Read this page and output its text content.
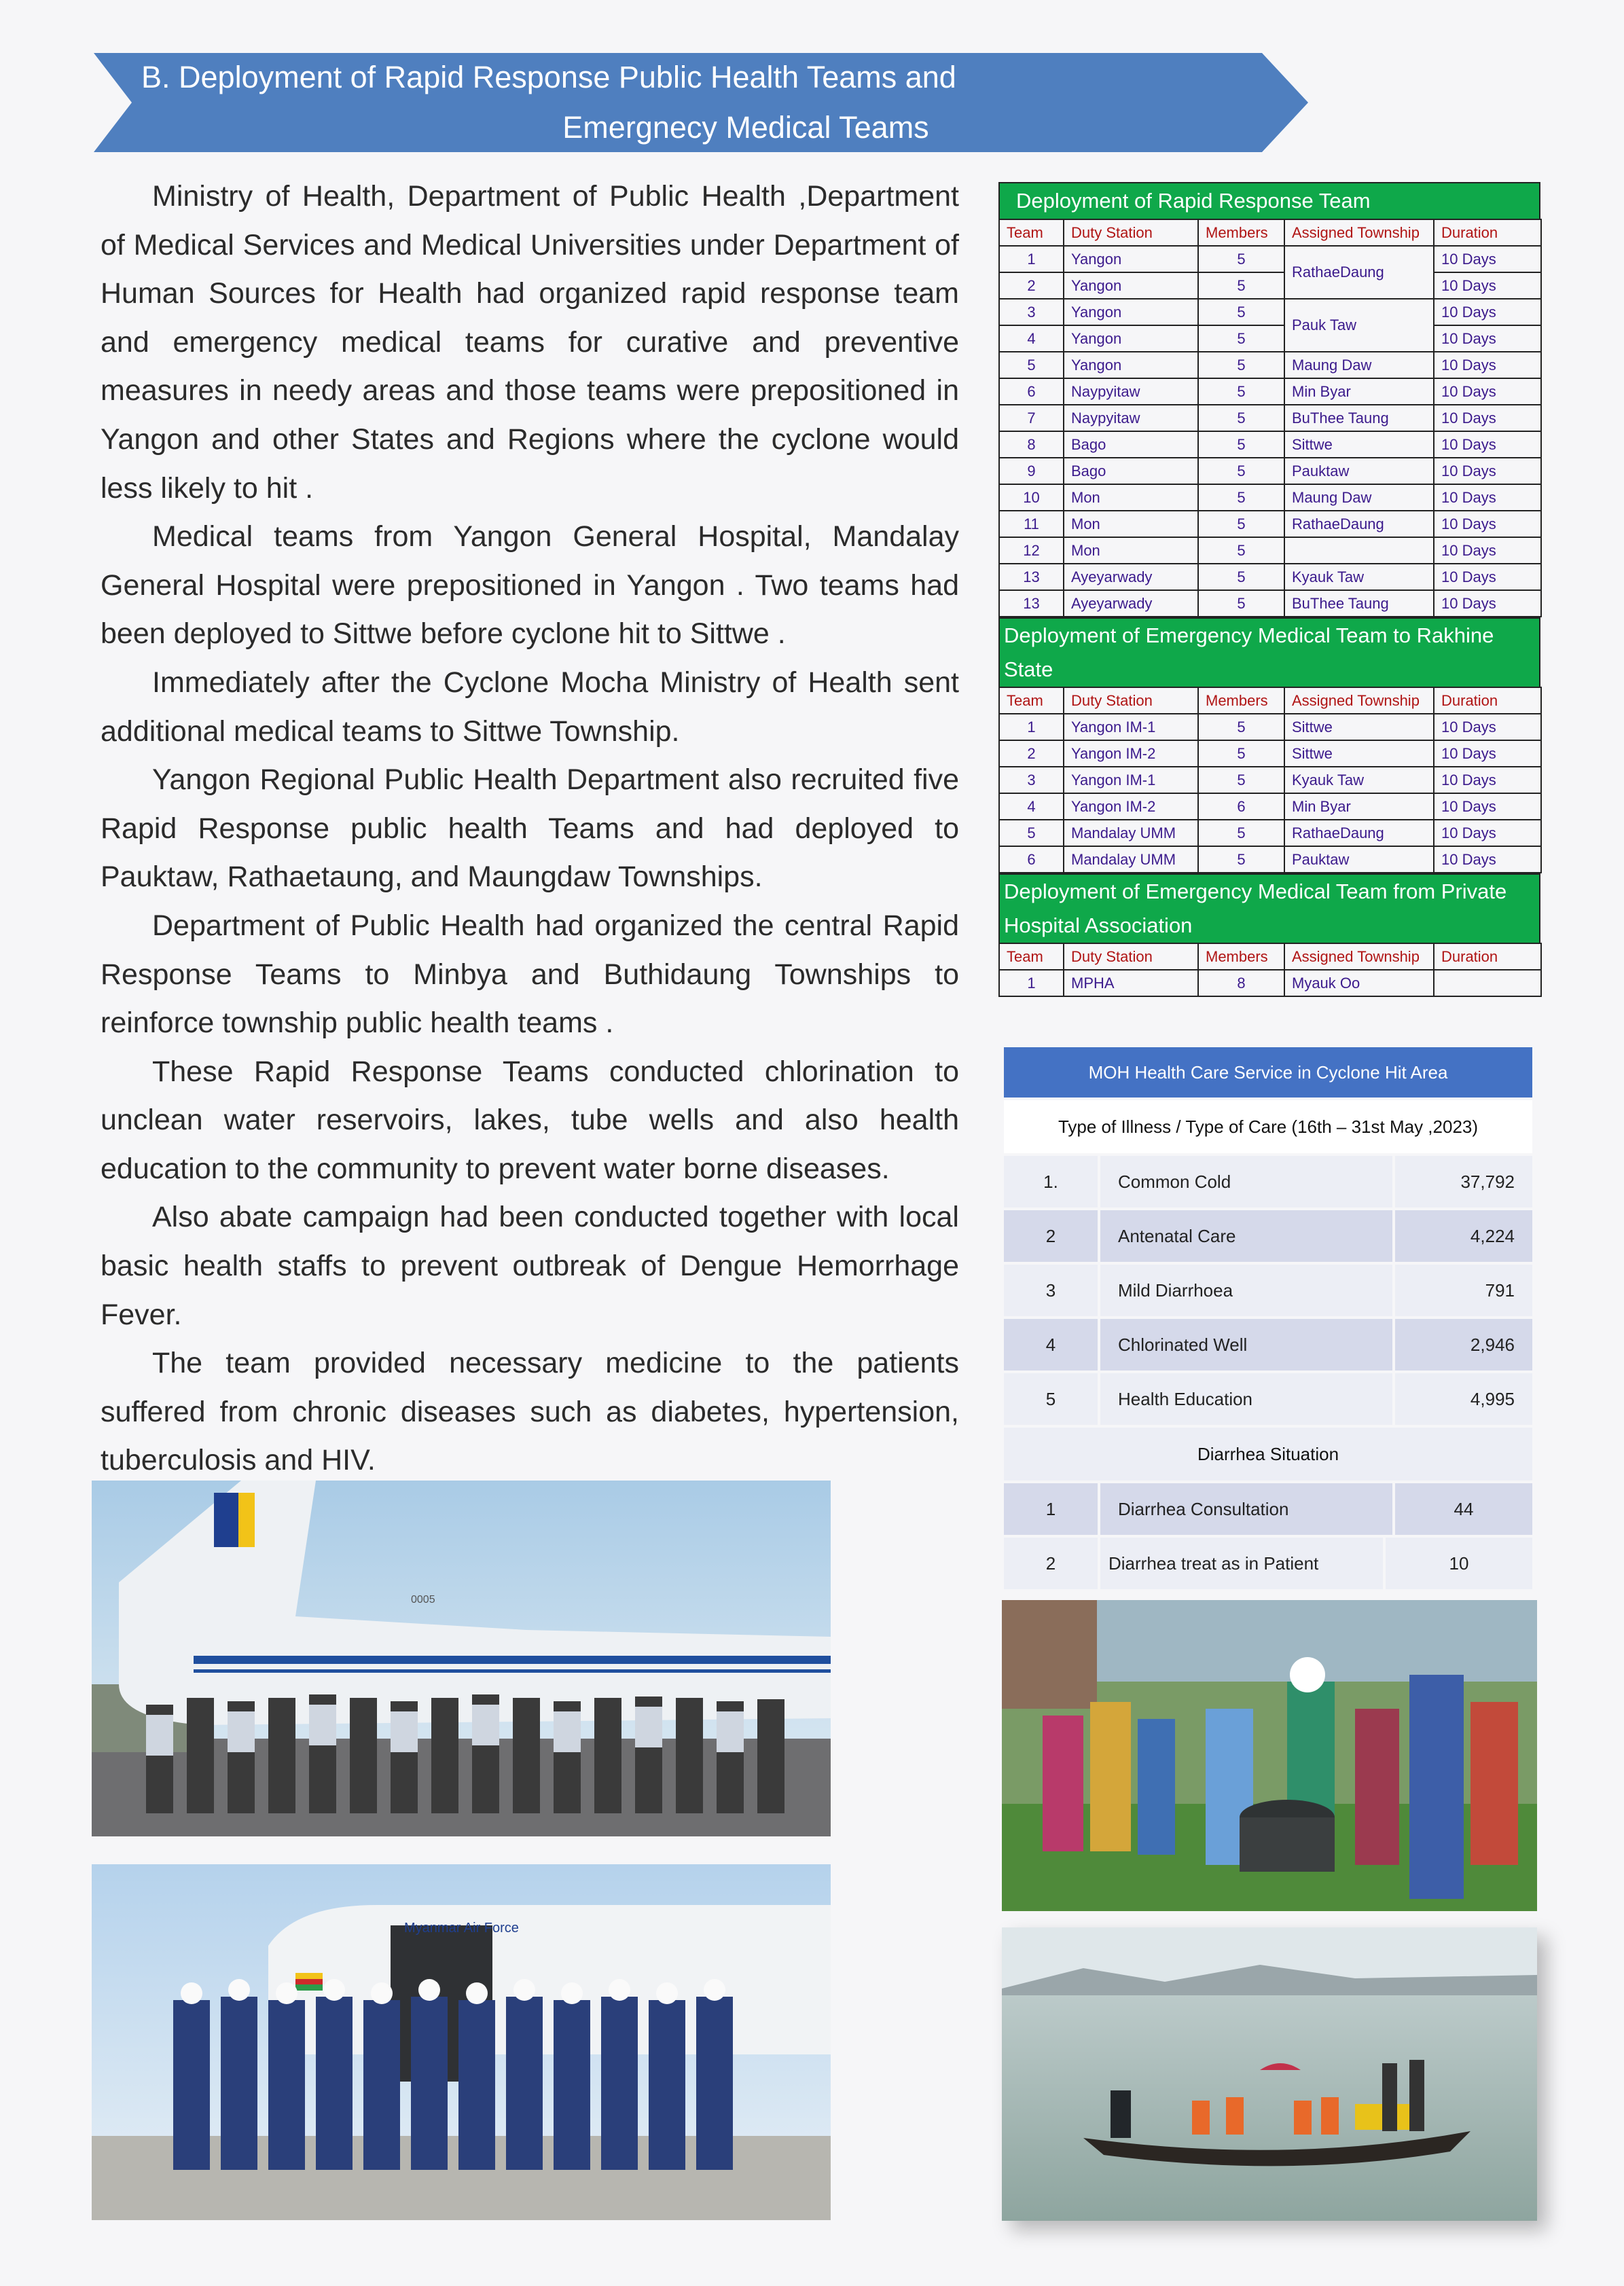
B. Deployment of Rapid Response Public Health Teams and
Emergnecy Medical Teams

Ministry of Health, Department of Public Health ,Department of Medical Services and Medical Universities under Department of Human Sources for Health had organized rapid response team and emergency medical teams for curative and preventive measures in needy areas and those teams were prepositioned in Yangon and other States and Regions where the cyclone would less likely to hit .

Medical teams from Yangon General Hospital, Mandalay General Hospital were prepositioned in Yangon . Two teams had been deployed to Sittwe before cyclone hit to Sittwe .

Immediately after the Cyclone Mocha Ministry of Health sent additional medical teams to Sittwe Township.

Yangon Regional Public Health Department also recruited five Rapid Response public health Teams and had deployed to Pauktaw, Rathaetaung, and Maungdaw Townships.

Department of Public Health had organized the central Rapid Response Teams to Minbya and Buthidaung Townships to reinforce township public health teams .

These Rapid Response Teams conducted chlorination to unclean water reservoirs, lakes, tube wells and also health education to the community to prevent water borne diseases.

Also abate campaign had been conducted together with local basic health staffs to prevent outbreak of Dengue Hemorrhage Fever.

The team provided necessary medicine to the patients suffered from chronic diseases such as diabetes, hypertension, tuberculosis and HIV.

0005
Myanmar Air Force
Deployment of Rapid Response Team
Team	Duty Station	Members	Assigned Township	Duration
1	Yangon	5	RathaeDaung	10 Days
2	Yangon	5		10 Days
3	Yangon	5	Pauk Taw	10 Days
4	Yangon	5		10 Days
5	Yangon	5	Maung Daw	10 Days
6	Naypyitaw	5	Min Byar	10 Days
7	Naypyitaw	5	BuThee Taung	10 Days
8	Bago	5	Sittwe	10 Days
9	Bago	5	Pauktaw	10 Days
10	Mon	5	Maung Daw	10 Days
11	Mon	5	RathaeDaung	10 Days
12	Mon	5		10 Days
13	Ayeyarwady	5	Kyauk Taw	10 Days
13	Ayeyarwady	5	BuThee Taung	10 Days
Deployment of Emergency Medical Team to Rakhine State
Team	Duty Station	Members	Assigned Township	Duration
1	Yangon IM-1	5	Sittwe	10 Days
2	Yangon IM-2	5	Sittwe	10 Days
3	Yangon IM-1	5	Kyauk Taw	10 Days
4	Yangon IM-2	6	Min Byar	10 Days
5	Mandalay UMM	5	RathaeDaung	10 Days
6	Mandalay UMM	5	Pauktaw	10 Days
Deployment of Emergency Medical Team from Private Hospital Association
Team	Duty Station	Members	Assigned Township	Duration
1	MPHA	8	Myauk Oo	
MOH Health Care Service in Cyclone Hit Area
Type of Illness / Type of Care (16th – 31st May ,2023)
1.	Common Cold	37,792
2	Antenatal Care	4,224
3	Mild Diarrhoea	791
4	Chlorinated Well	2,946
5	Health Education	4,995
Diarrhea Situation
1	Diarrhea Consultation	44
2	Diarrhea treat as in Patient	10
